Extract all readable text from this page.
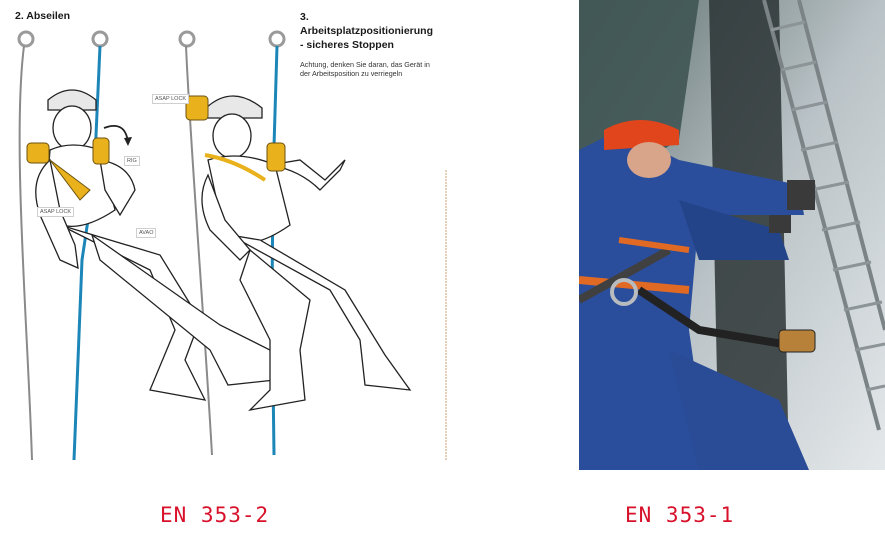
2. Abseilen	3.
Arbeitsplatzpositionierung
- sicheres Stoppen
Achtung, denken Sie daran, das Gerät in der Arbeitsposition zu verriegeln
ASAP LOCK
RIG
AVAO
ASAP LOCK
EN 353-2	EN 353-1
